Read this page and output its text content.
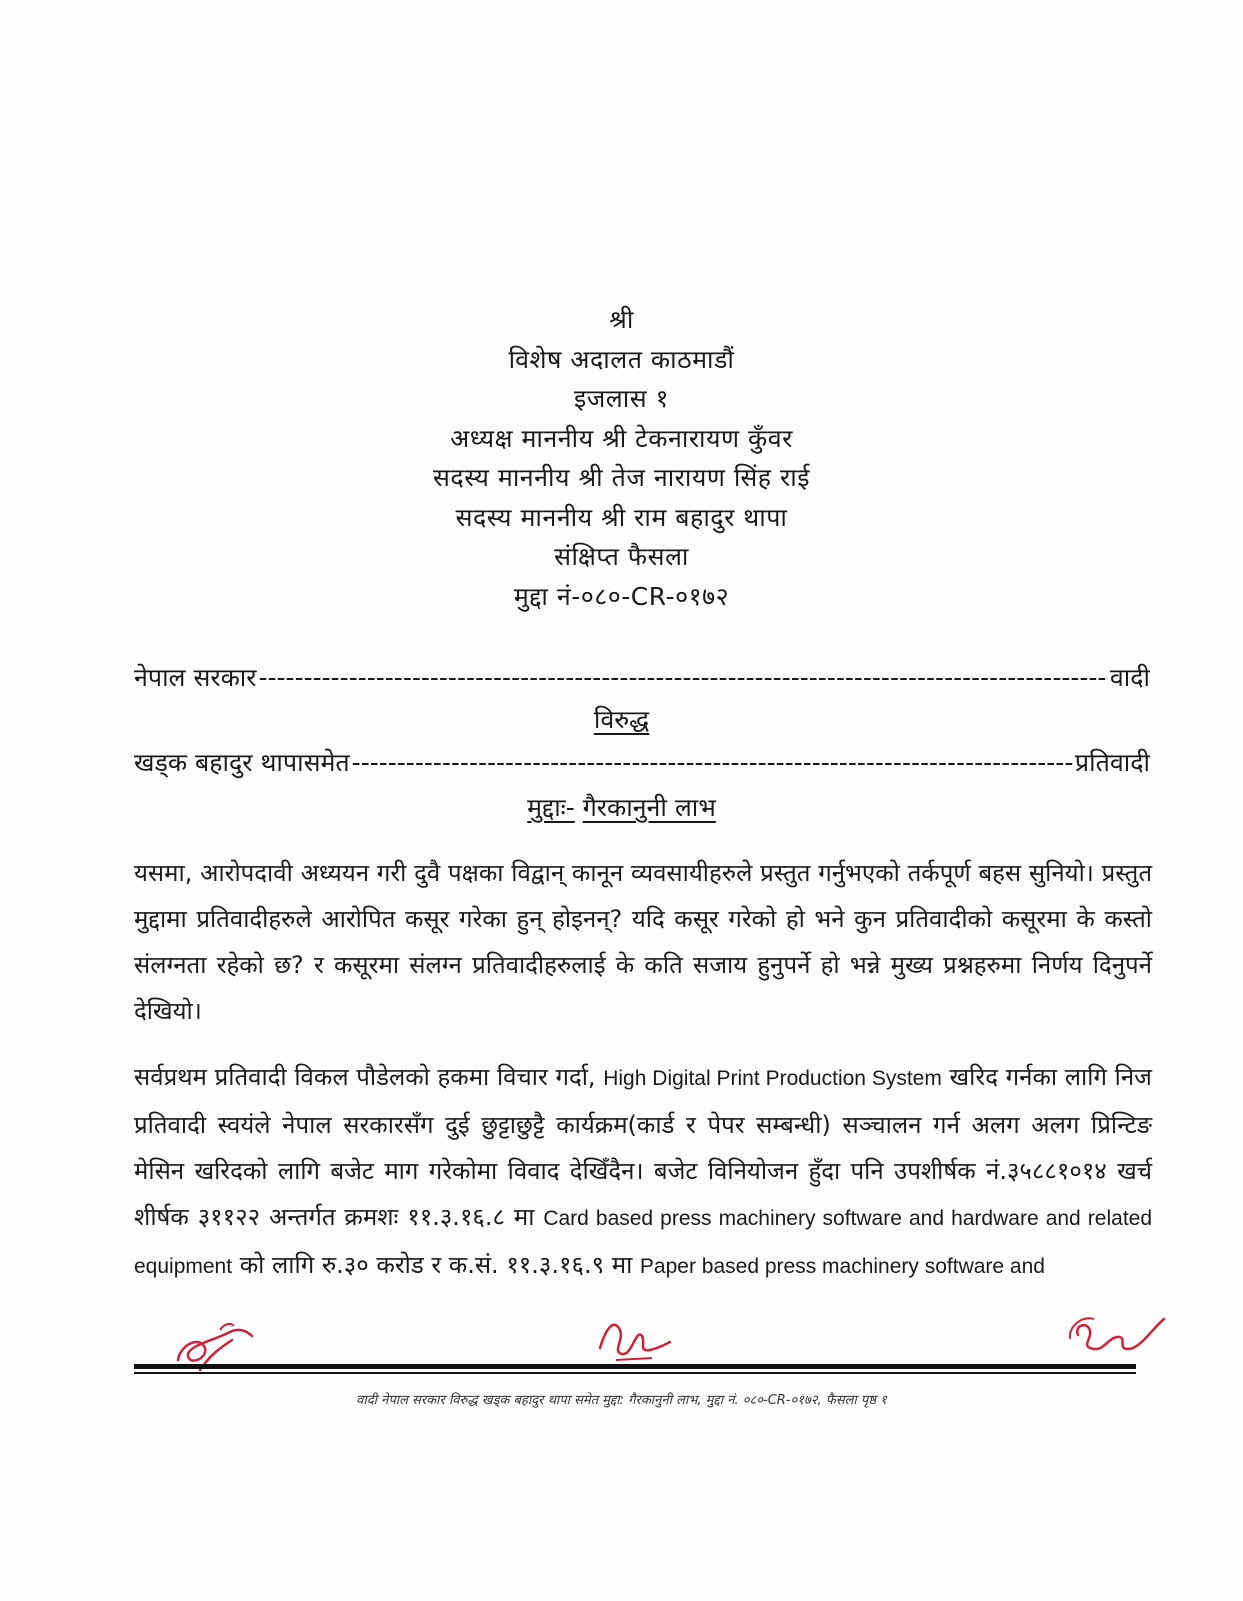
श्री
विशेष अदालत काठमाडौं
इजलास १
अध्यक्ष माननीय श्री टेकनारायण कुँवर
सदस्य माननीय श्री तेज नारायण सिंह राई
सदस्य माननीय श्री राम बहादुर थापा
संक्षिप्त फैसला
मुद्दा नं-०८०-CR-०१७२
नेपाल सरकार -----	वादी
विरुद्ध
खड्क बहादुर थापासमेत -----	प्रतिवादी
मुद्दाः- गैरकानुनी लाभ

यसमा, आरोपदावी अध्ययन गरी दुवै पक्षका विद्वान् कानून व्यवसायीहरुले प्रस्तुत गर्नुभएको तर्कपूर्ण बहस सुनियो। प्रस्तुत मुद्दामा प्रतिवादीहरुले आरोपित कसूर गरेका हुन् होइनन्? यदि कसूर गरेको हो भने कुन प्रतिवादीको कसूरमा के कस्तो संलग्नता रहेको छ? र कसूरमा संलग्न प्रतिवादीहरुलाई के कति सजाय हुनुपर्ने हो भन्ने मुख्य प्रश्नहरुमा निर्णय दिनुपर्ने देखियो।

सर्वप्रथम प्रतिवादी विकल पौडेलको हकमा विचार गर्दा, High Digital Print Production System खरिद गर्नका लागि निज प्रतिवादी स्वयंले नेपाल सरकारसँग दुई छुट्टाछुट्टै कार्यक्रम(कार्ड र पेपर सम्बन्धी) सञ्चालन गर्न अलग अलग प्रिन्टिङ मेसिन खरिदको लागि बजेट माग गरेकोमा विवाद देखिँदैन। बजेट विनियोजन हुँदा पनि उपशीर्षक नं.३५८८१०१४ खर्च शीर्षक ३११२२ अन्तर्गत क्रमशः ११.३.१६.८ मा Card based press machinery software and hardware and related equipment को लागि रु.३० करोड र क.सं. ११.३.१६.९ मा Paper based press machinery software and

वादी नेपाल सरकार विरुद्ध खड्क बहादुर थापा समेत मुद्दा: गैरकानुनी लाभ, मुद्दा नं. ०८०-CR-०१७२, फैसला पृष्ठ १
